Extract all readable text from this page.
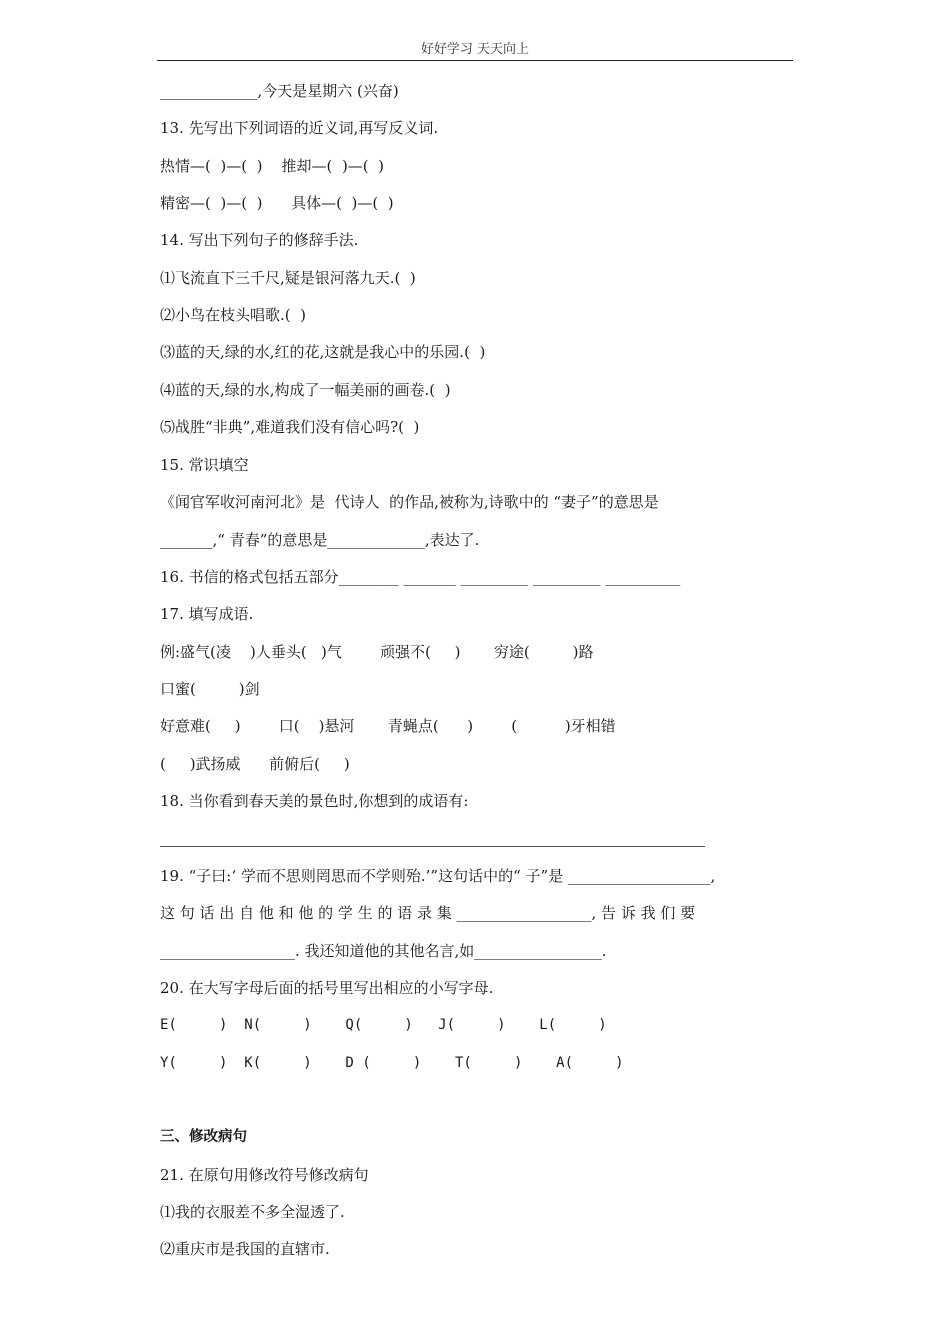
好好学习 天天向上
_____________,今天是星期六 (兴奋)
13. 先写出下列词语的近义词,再写反义词.
热情—(  )—(  )    推却—(  )—(  )
精密—(  )—(  )      具体—(  )—(  )
14. 写出下列句子的修辞手法.
⑴飞流直下三千尺,疑是银河落九天.(  )
⑵小鸟在枝头唱歌.(  )
⑶蓝的天,绿的水,红的花,这就是我心中的乐园.(  )
⑷蓝的天,绿的水,构成了一幅美丽的画卷.(  )
⑸战胜“非典”,难道我们没有信心吗?(  )
15. 常识填空
《闻官军收河南河北》是  代诗人  的作品,被称为,诗歌中的 “妻子”的意思是
_______,“ 青春”的意思是_____________,表达了.
16. 书信的格式包括五部分________ _______ _________ _________ __________
17. 填写成语.
例:盛气(凌    )人垂头(   )气        顽强不(     )       穷途(         )路
口蜜(         )剑
好意难(     )        口(    )悬河       青蝇点(      )        (          )牙相错
(     )武扬威      前俯后(     )
18. 当你看到春天美的景色时,你想到的成语有:
19. “子曰:‘ 学而不思则罔思而不学则殆.’”这句话中的“ 子”是 ___________________,
这 句 话 出 自 他 和 他 的 学 生 的 语 录 集 __________________, 告 诉 我 们 要
__________________. 我还知道他的其他名言,如_________________.
20. 在大写字母后面的括号里写出相应的小写字母.
E(     )  N(     )    Q(     )   J(     )    L(     )
Y(     )  K(     )    D (     )    T(     )    A(     )
三、修改病句
21. 在原句用修改符号修改病句
⑴我的衣服差不多全湿透了.
⑵重庆市是我国的直辖市.
